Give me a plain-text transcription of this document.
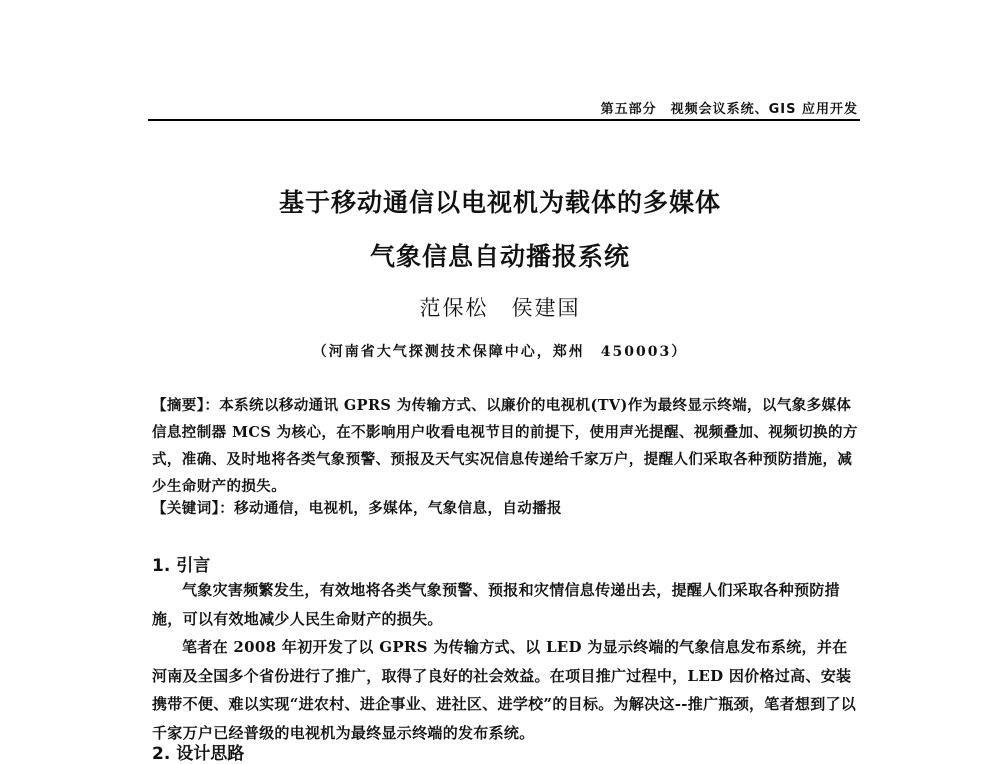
第五部分　视频会议系统、GIS 应用开发
基于移动通信以电视机为载体的多媒体
气象信息自动播报系统
范保松　侯建国
（河南省大气探测技术保障中心，郑州　450003）
【摘要】：本系统以移动通讯 GPRS 为传输方式、以廉价的电视机(TV)作为最终显示终端，以气象多媒体信息控制器 MCS 为核心，在不影响用户收看电视节目的前提下，使用声光提醒、视频叠加、视频切换的方式，准确、及时地将各类气象预警、预报及天气实况信息传递给千家万户，提醒人们采取各种预防措施，减少生命财产的损失。
【关键词】：移动通信，电视机，多媒体，气象信息，自动播报
1. 引言

气象灾害频繁发生，有效地将各类气象预警、预报和灾情信息传递出去，提醒人们采取各种预防措施，可以有效地减少人民生命财产的损失。

笔者在 2008 年初开发了以 GPRS 为传输方式、以 LED 为显示终端的气象信息发布系统，并在河南及全国多个省份进行了推广，取得了良好的社会效益。在项目推广过程中，LED 因价格过高、安装携带不便、难以实现“进农村、进企事业、进社区、进学校”的目标。为解决这--推广瓶颈，笔者想到了以千家万户已经普级的电视机为最终显示终端的发布系统。

2. 设计思路
